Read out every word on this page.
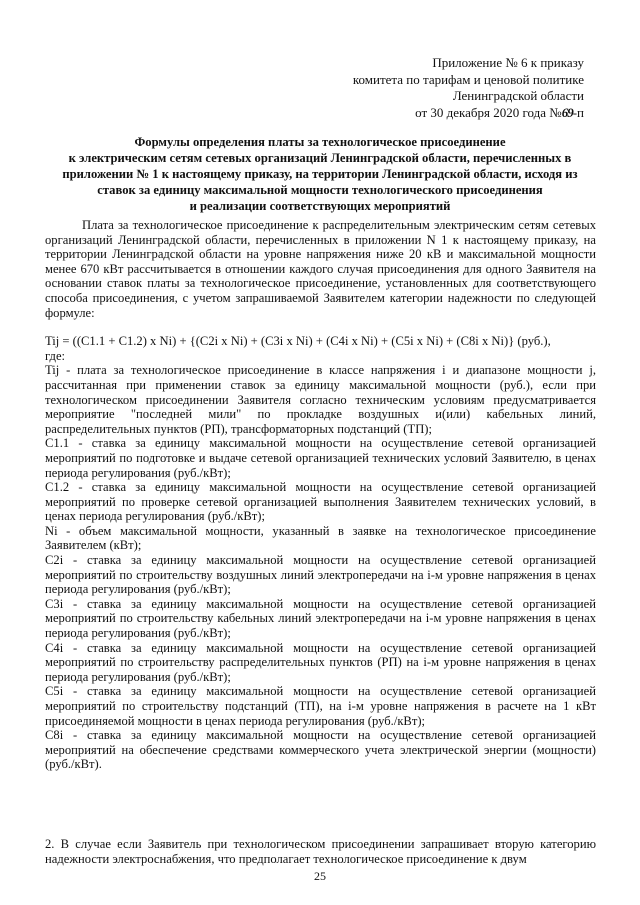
Приложение № 6 к приказу
комитета по тарифам и ценовой политике
Ленинградской области
от 30 декабря 2020 года №69-п
Формулы определения платы за технологическое присоединение
к электрическим сетям сетевых организаций Ленинградской области, перечисленных в
приложении № 1 к настоящему приказу, на территории Ленинградской области, исходя из
ставок за единицу максимальной мощности технологического присоединения
и реализации соответствующих мероприятий

Плата за технологическое присоединение к распределительным электрическим сетям сетевых организаций Ленинградской области, перечисленных в приложении N 1 к настоящему приказу, на территории Ленинградской области на уровне напряжения ниже 20 кВ и максимальной мощности менее 670 кВт рассчитывается в отношении каждого случая присоединения для одного Заявителя на основании ставок платы за технологическое присоединение, установленных для соответствующего способа присоединения, с учетом запрашиваемой Заявителем категории надежности по следующей формуле:

Tij = ((C1.1 + C1.2) x Ni) + {(C2i x Ni) + (C3i x Ni) + (C4i x Ni) + (C5i x Ni) + (C8i x Ni)} (руб.),

где:

Tij - плата за технологическое присоединение в классе напряжения i и диапазоне мощности j, рассчитанная при применении ставок за единицу максимальной мощности (руб.), если при технологическом присоединении Заявителя согласно техническим условиям предусматривается мероприятие "последней мили" по прокладке воздушных и(или) кабельных линий, распределительных пунктов (РП), трансформаторных подстанций (ТП);

C1.1 - ставка за единицу максимальной мощности на осуществление сетевой организацией мероприятий по подготовке и выдаче сетевой организацией технических условий Заявителю, в ценах периода регулирования (руб./кВт);

C1.2 - ставка за единицу максимальной мощности на осуществление сетевой организацией мероприятий по проверке сетевой организацией выполнения Заявителем технических условий, в ценах периода регулирования (руб./кВт);

Ni - объем максимальной мощности, указанный в заявке на технологическое присоединение Заявителем (кВт);

C2i - ставка за единицу максимальной мощности на осуществление сетевой организацией мероприятий по строительству воздушных линий электропередачи на i-м уровне напряжения в ценах периода регулирования (руб./кВт);

C3i - ставка за единицу максимальной мощности на осуществление сетевой организацией мероприятий по строительству кабельных линий электропередачи на i-м уровне напряжения в ценах периода регулирования (руб./кВт);

C4i - ставка за единицу максимальной мощности на осуществление сетевой организацией мероприятий по строительству распределительных пунктов (РП) на i-м уровне напряжения в ценах периода регулирования (руб./кВт);

C5i - ставка за единицу максимальной мощности на осуществление сетевой организацией мероприятий по строительству подстанций (ТП), на i-м уровне напряжения в расчете на 1 кВт присоединяемой мощности в ценах периода регулирования (руб./кВт);

C8i - ставка за единицу максимальной мощности на осуществление сетевой организацией мероприятий на обеспечение средствами коммерческого учета электрической энергии (мощности) (руб./кВт).

2. В случае если Заявитель при технологическом присоединении запрашивает вторую категорию надежности электроснабжения, что предполагает технологическое присоединение к двум

25
